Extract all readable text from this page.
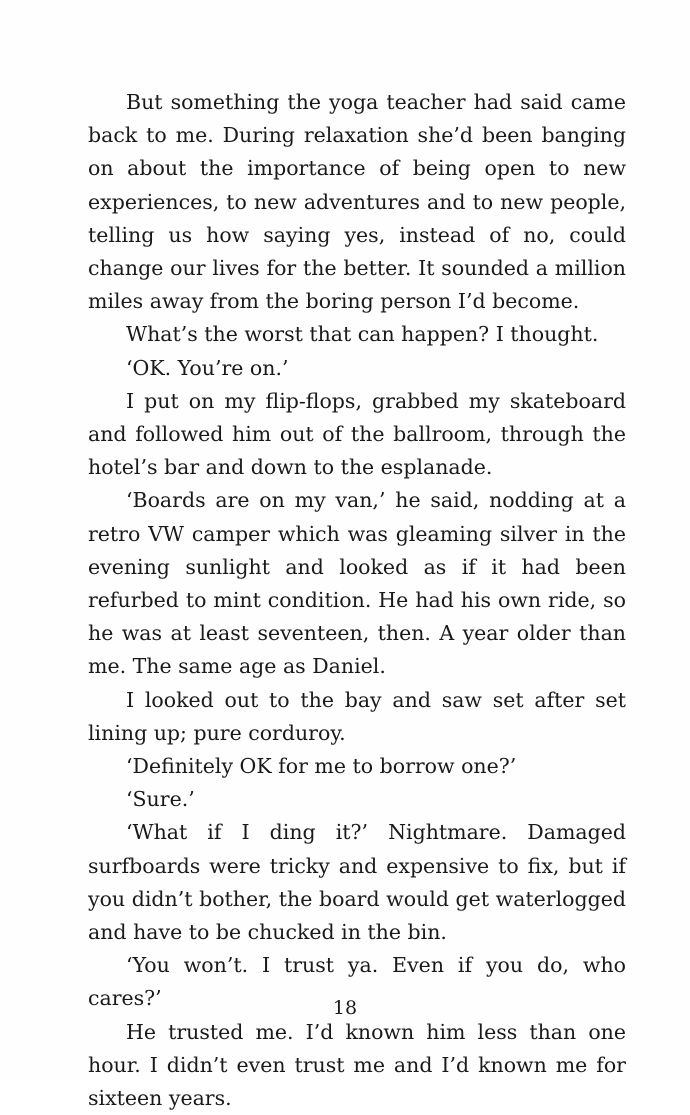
But something the yoga teacher had said came back to me. During relaxation she’d been banging on about the importance of being open to new experiences, to new adventures and to new people, telling us how saying yes, instead of no, could change our lives for the better. It sounded a million miles away from the boring person I’d become.

What’s the worst that can happen? I thought.

‘OK. You’re on.’

I put on my flip-flops, grabbed my skateboard and followed him out of the ballroom, through the hotel’s bar and down to the esplanade.

‘Boards are on my van,’ he said, nodding at a retro VW camper which was gleaming silver in the evening sunlight and looked as if it had been refurbed to mint condition. He had his own ride, so he was at least seventeen, then. A year older than me. The same age as Daniel.

I looked out to the bay and saw set after set lining up; pure corduroy.

‘Definitely OK for me to borrow one?’

‘Sure.’

‘What if I ding it?’ Nightmare. Damaged surfboards were tricky and expensive to fix, but if you didn’t bother, the board would get waterlogged and have to be chucked in the bin.

‘You won’t. I trust ya. Even if you do, who cares?’

He trusted me. I’d known him less than one hour. I didn’t even trust me and I’d known me for sixteen years.

18
